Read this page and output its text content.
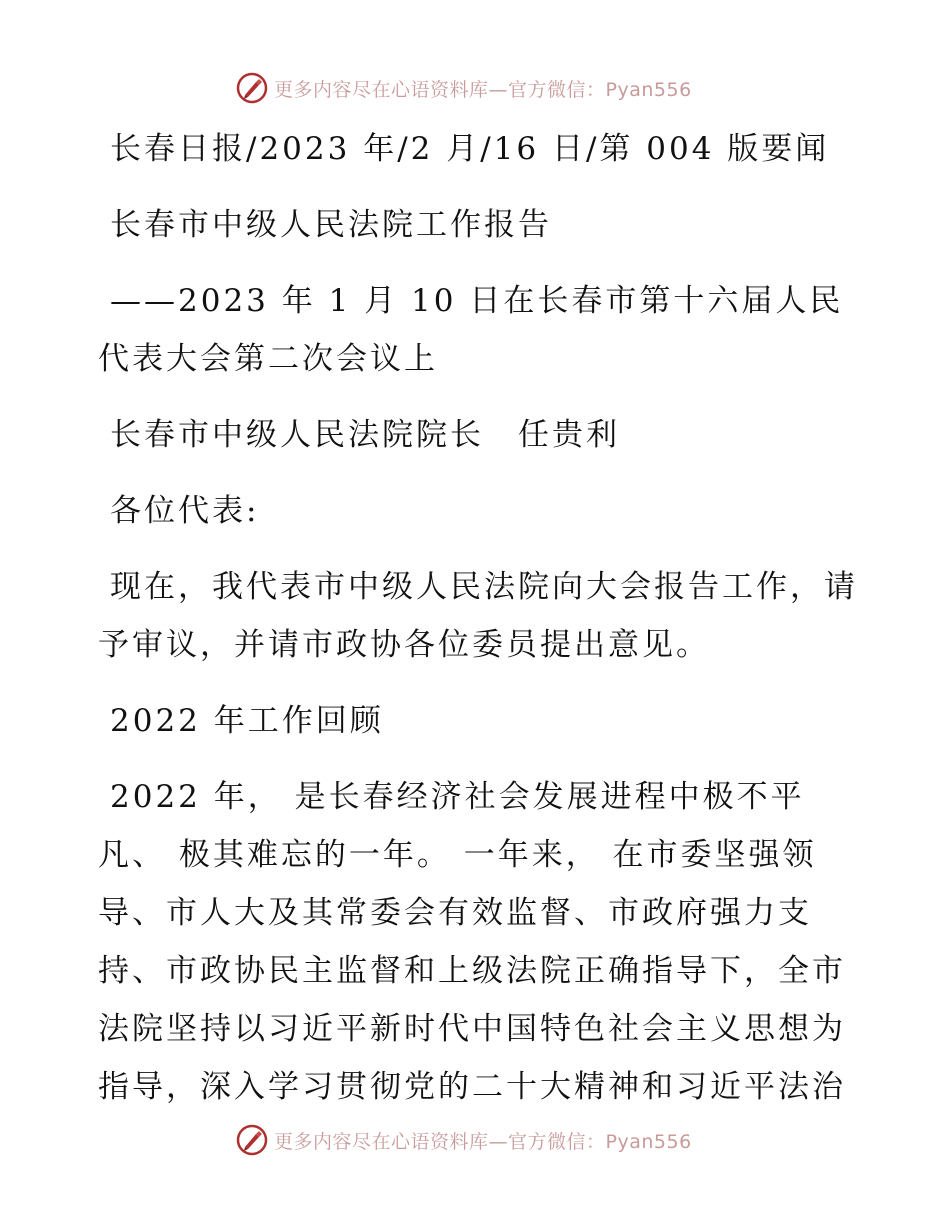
更多内容尽在心语资料库—官方微信：Pyan556

长春日报/2023 年/2 月/16 日/第 004 版要闻

长春市中级人民法院工作报告

——2023 年 1 月 10 日在长春市第十六届人民代表大会第二次会议上

长春市中级人民法院院长　任贵利

各位代表:

现在，我代表市中级人民法院向大会报告工作，请予审议，并请市政协各位委员提出意见。

2022 年工作回顾

2022 年， 是长春经济社会发展进程中极不平凡、 极其难忘的一年。 一年来， 在市委坚强领导、市人大及其常委会有效监督、市政府强力支持、市政协民主监督和上级法院正确指导下，全市法院坚持以习近平新时代中国特色社会主义思想为指导，深入学习贯彻党的二十大精神和习近平法治

更多内容尽在心语资料库—官方微信：Pyan556
